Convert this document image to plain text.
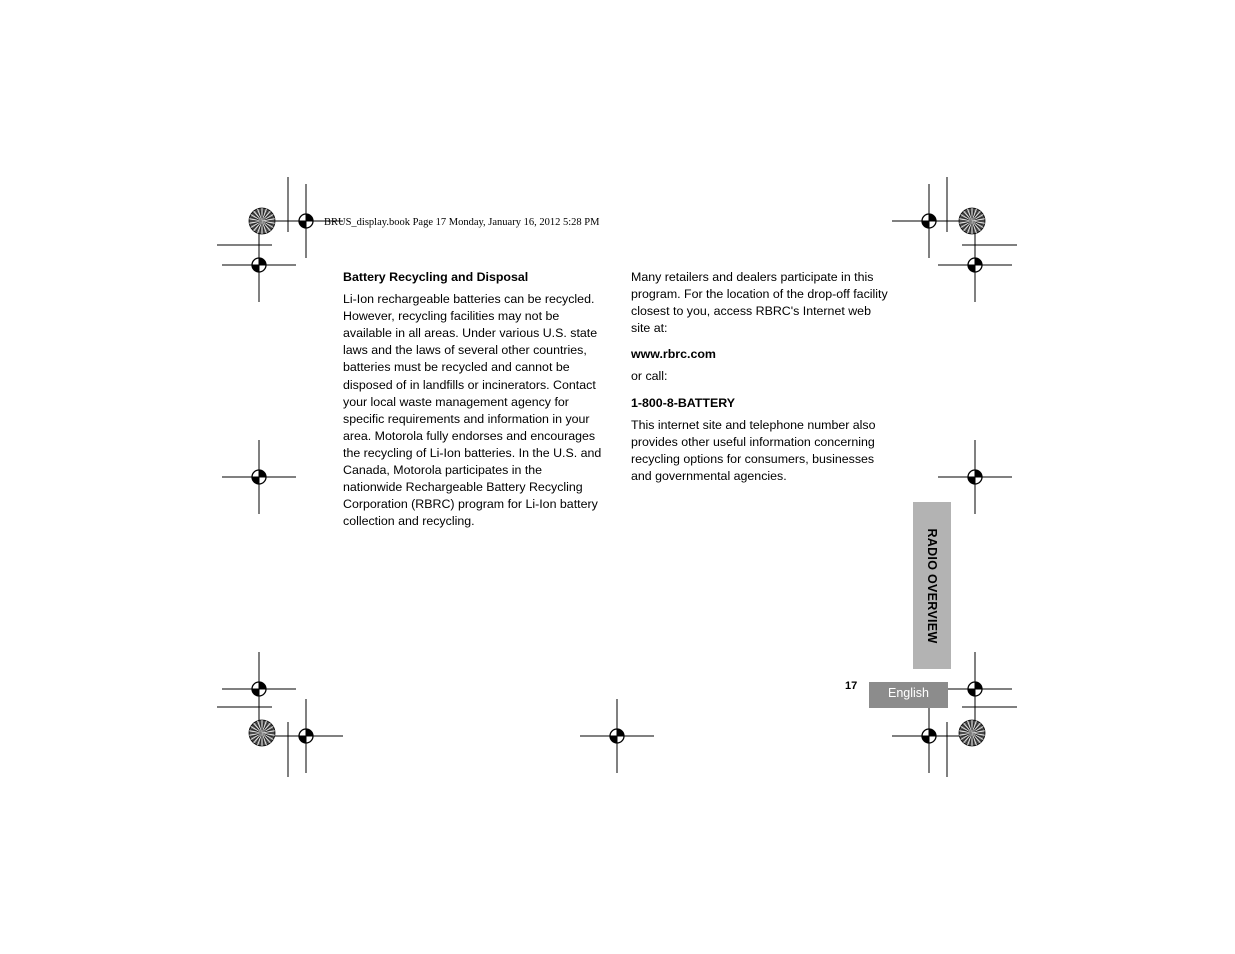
BRUS_display.book Page 17 Monday, January 16, 2012 5:28 PM

Battery Recycling and Disposal

Li-Ion rechargeable batteries can be recycled.
However, recycling facilities may not be
available in all areas. Under various U.S. state
laws and the laws of several other countries,
batteries must be recycled and cannot be
disposed of in landfills or incinerators. Contact
your local waste management agency for
specific requirements and information in your
area. Motorola fully endorses and encourages
the recycling of Li-Ion batteries. In the U.S. and
Canada, Motorola participates in the
nationwide Rechargeable Battery Recycling
Corporation (RBRC) program for Li-Ion battery
collection and recycling.

Many retailers and dealers participate in this
program. For the location of the drop-off facility
closest to you, access RBRC's Internet web
site at:

www.rbrc.com

or call:

1-800-8-BATTERY

This internet site and telephone number also
provides other useful information concerning
recycling options for consumers, businesses
and governmental agencies.

RADIO OVERVIEW
17	English
